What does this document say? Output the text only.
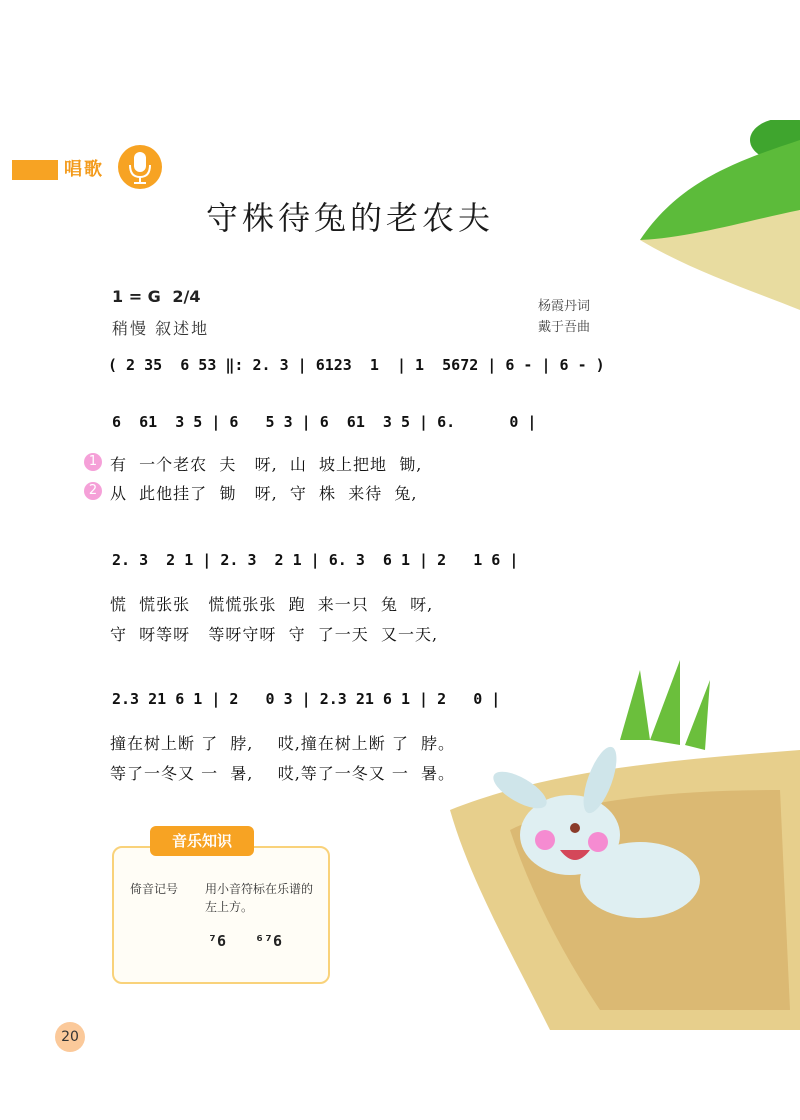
唱歌
守株待兔的老农夫
1 = G 2/4
稍慢 叙述地
杨霞丹词
戴于吾曲
( 2 35  6 53 ‖: 2. 3 | 6123  1  | 1  5672 | 6 - | 6 - )
6  61  3 5 | 6   5 3 | 6  61  3 5 | 6.      0 |
1 有  一个老农  夫   呀,  山  坡上把地  锄,
2 从  此他挂了  锄   呀,  守  株  来待  兔,
2. 3  2 1 | 2. 3  2 1 | 6. 3  6 1 | 2   1 6 |
慌  慌张张   慌慌张张  跑  来一只  兔  呀,
守  呀等呀   等呀守呀  守  了一天  又一天,
2.3 21 6 1 | 2   0 3 | 2.3 21 6 1 | 2   0 |
撞在树上断 了  脖,    哎,撞在树上断 了  脖。
等了一冬又 一  暑,    哎,等了一冬又 一  暑。
音乐知识
倚音记号 用小音符标在乐谱的左上方。
⁷6 ⁶⁷6
20
